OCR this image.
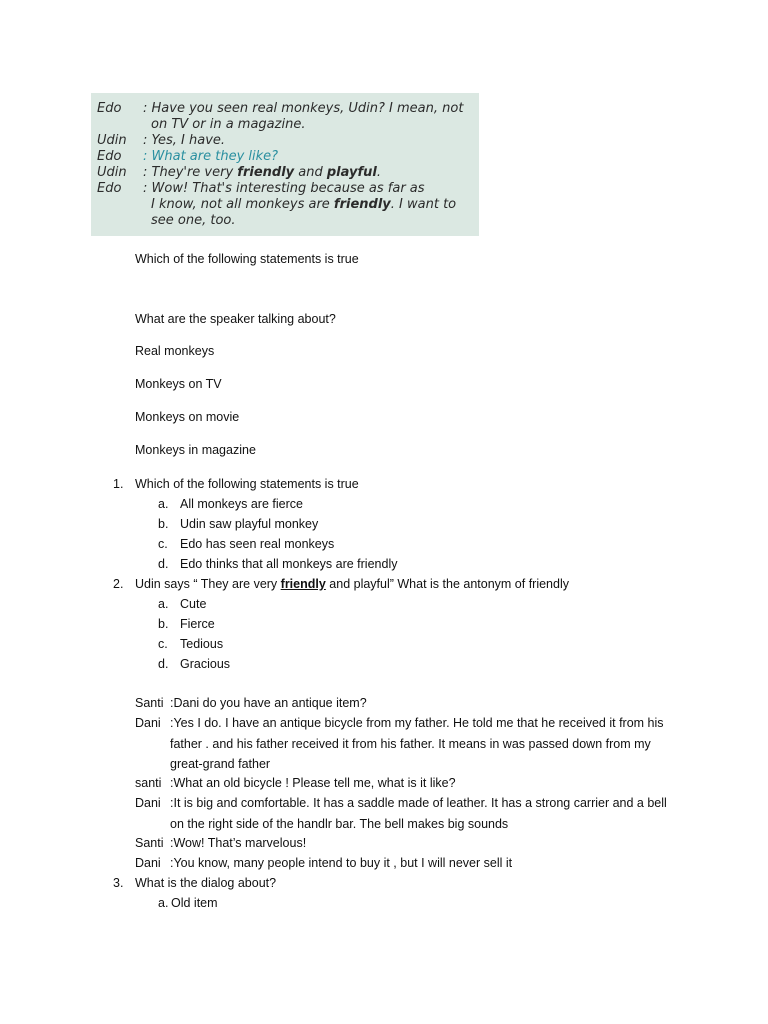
Edo : Have you seen real monkeys, Udin? I mean, not
on TV or in a magazine.
Udin : Yes, I have.
Edo : What are they like?
Udin : They're very friendly and playful.
Edo : Wow! That's interesting because as far as
I know, not all monkeys are friendly. I want to
see one, too.
Which of the following statements is true
What are the speaker talking about?
Real monkeys
Monkeys on TV
Monkeys on movie
Monkeys in magazine
1. Which of the following statements is true
a. All monkeys are fierce
b. Udin saw playful monkey
c. Edo has seen real monkeys
d. Edo thinks that all monkeys are friendly
2. Udin says “ They are very friendly and playful” What is the antonym of friendly
a. Cute
b. Fierce
c. Tedious
d. Gracious
Santi :Dani do you have an antique item?
Dani :Yes I do. I have an antique bicycle from my father. He told me that he received it from his
father . and his father received it from his father. It means in was passed down from my
great-grand father
santi :What an old bicycle ! Please tell me, what is it like?
Dani :It is big and comfortable. It has a saddle made of leather. It has a strong carrier and a bell
on the right side of the handlr bar. The bell makes big sounds
Santi :Wow! That’s marvelous!
Dani :You know, many people intend to buy it , but I will never sell it
3. What is the dialog about?
a. Old item
